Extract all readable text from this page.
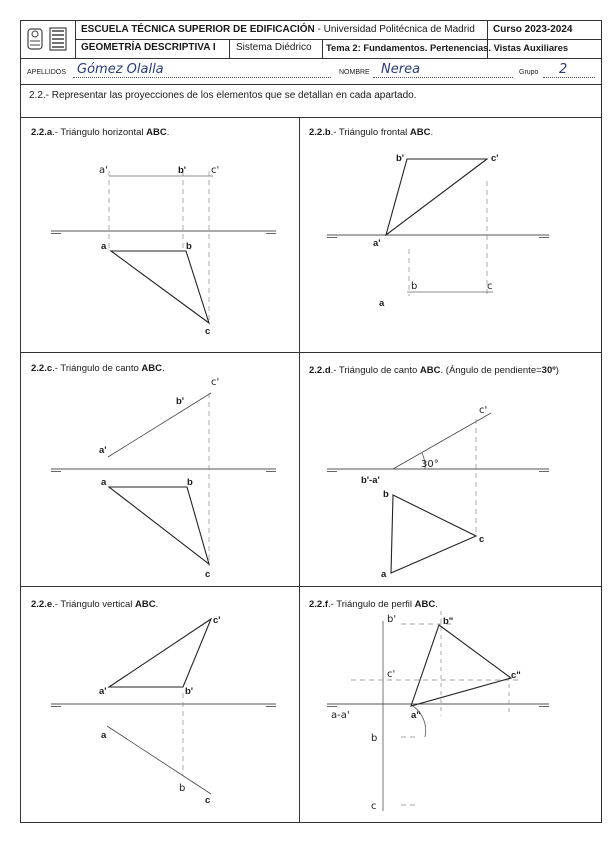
ESCUELA TÉCNICA SUPERIOR DE EDIFICACIÓN - Universidad Politécnica de Madrid	Curso 2023-2024
GEOMETRÍA DESCRIPTIVA I	Sistema Diédrico	Tema 2: Fundamentos. Pertenencias. Vistas Auxiliares
APELLIDOS Gómez Olalla	NOMBRE Nerea	Grupo 2
2.2.- Representar las proyecciones de los elementos que se detallan en cada apartado.
2.2.a.- Triángulo horizontal ABC.	2.2.b.- Triángulo frontal ABC.
2.2.c.- Triángulo de canto ABC.	2.2.d.- Triángulo de canto ABC. (Ángulo de pendiente=30º)
2.2.e.- Triángulo vertical ABC.	2.2.f.- Triángulo de perfil ABC.
a'	b' c'
a	b
c
b'	c'
a'
b	c
a
c'
b'
a'
a	b
c
c'
30°
b'-a'
b
c
a
c'
a'	b'
a
b
c
b'	b"
c'	c"
a-a'	a"
b
c
